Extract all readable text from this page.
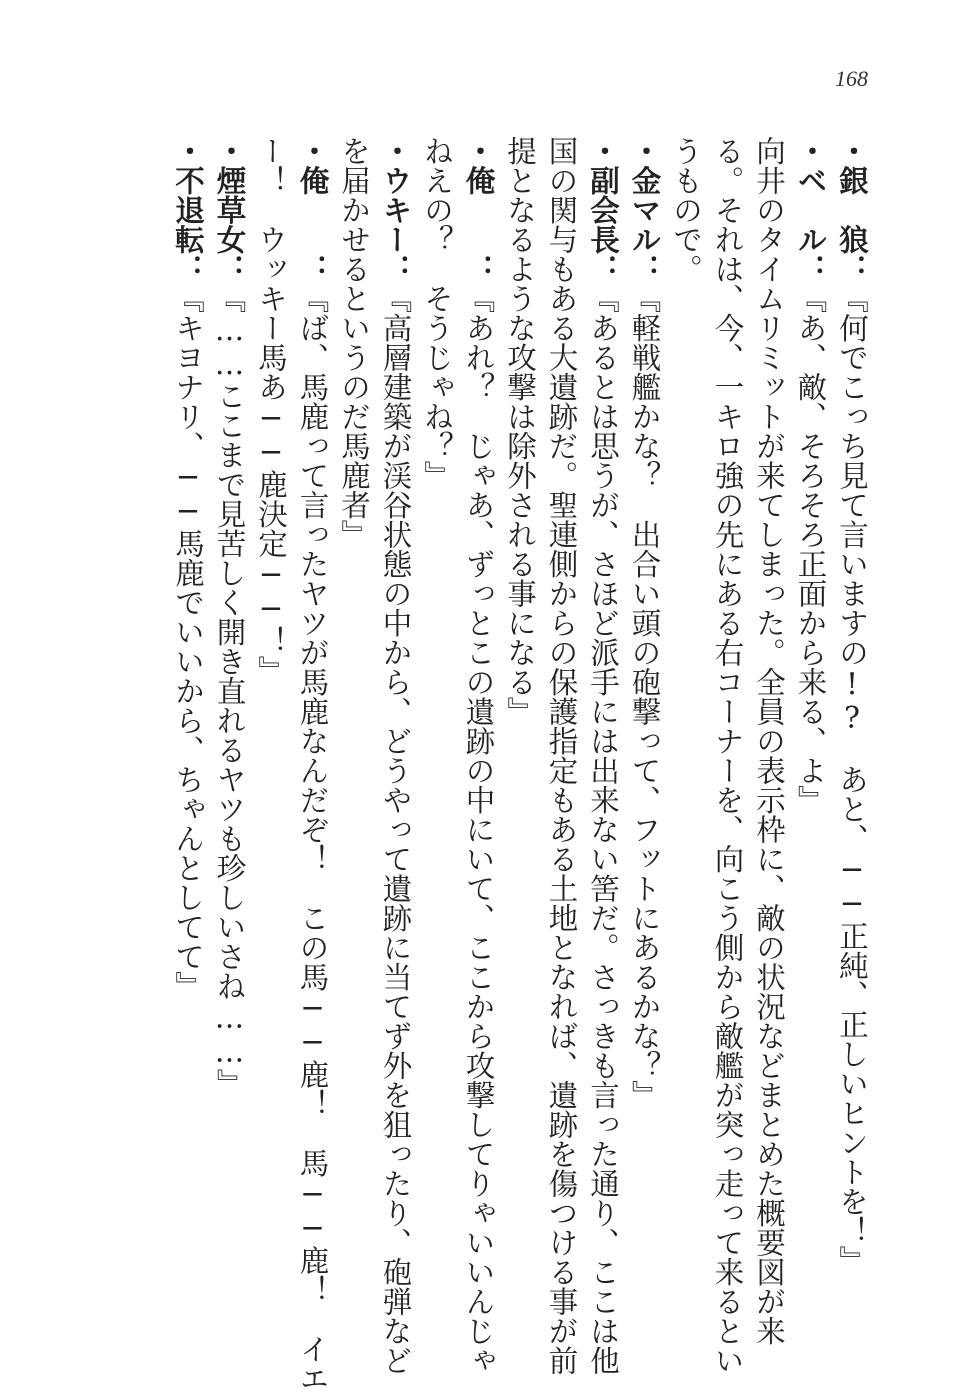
168

・銀　狼：『何でこっち見て言いますの!?　あと、──正純、正しいヒントを！』

・ベ　ル：『あ、敵、そろそろ正面から来る、よ』

向井のタイムリミットが来てしまった。全員の表示枠に、敵の状況などまとめた概要図が来

る。それは、今、一キロ強の先にある右コーナーを、向こう側から敵艦が突っ走って来るとい

うもので。

・金マル：『軽戦艦かな？　出合い頭の砲撃って、フットにあるかな？』

・副会長：『あるとは思うが、さほど派手には出来ない筈だ。さっきも言った通り、ここは他

国の関与もある大遺跡だ。聖連側からの保護指定もある土地となれば、遺跡を傷つける事が前

提となるような攻撃は除外される事になる』

・俺　　：『あれ？　じゃあ、ずっとこの遺跡の中にいて、ここから攻撃してりゃいいんじゃ

ねえの？　そうじゃね？』

・ウキー：『高層建築が渓谷状態の中から、どうやって遺跡に当てず外を狙ったり、砲弾など

を届かせるというのだ馬鹿者』

・俺　　：『ば、馬鹿って言ったヤツが馬鹿なんだぞ！　この馬──鹿！　馬──鹿！　イエ

ー！　ウッキー馬あ──鹿決定──！』

・煙草女：『……ここまで見苦しく開き直れるヤツも珍しいさね……』

・不退転：『キヨナリ、──馬鹿でいいから、ちゃんとしてて』
